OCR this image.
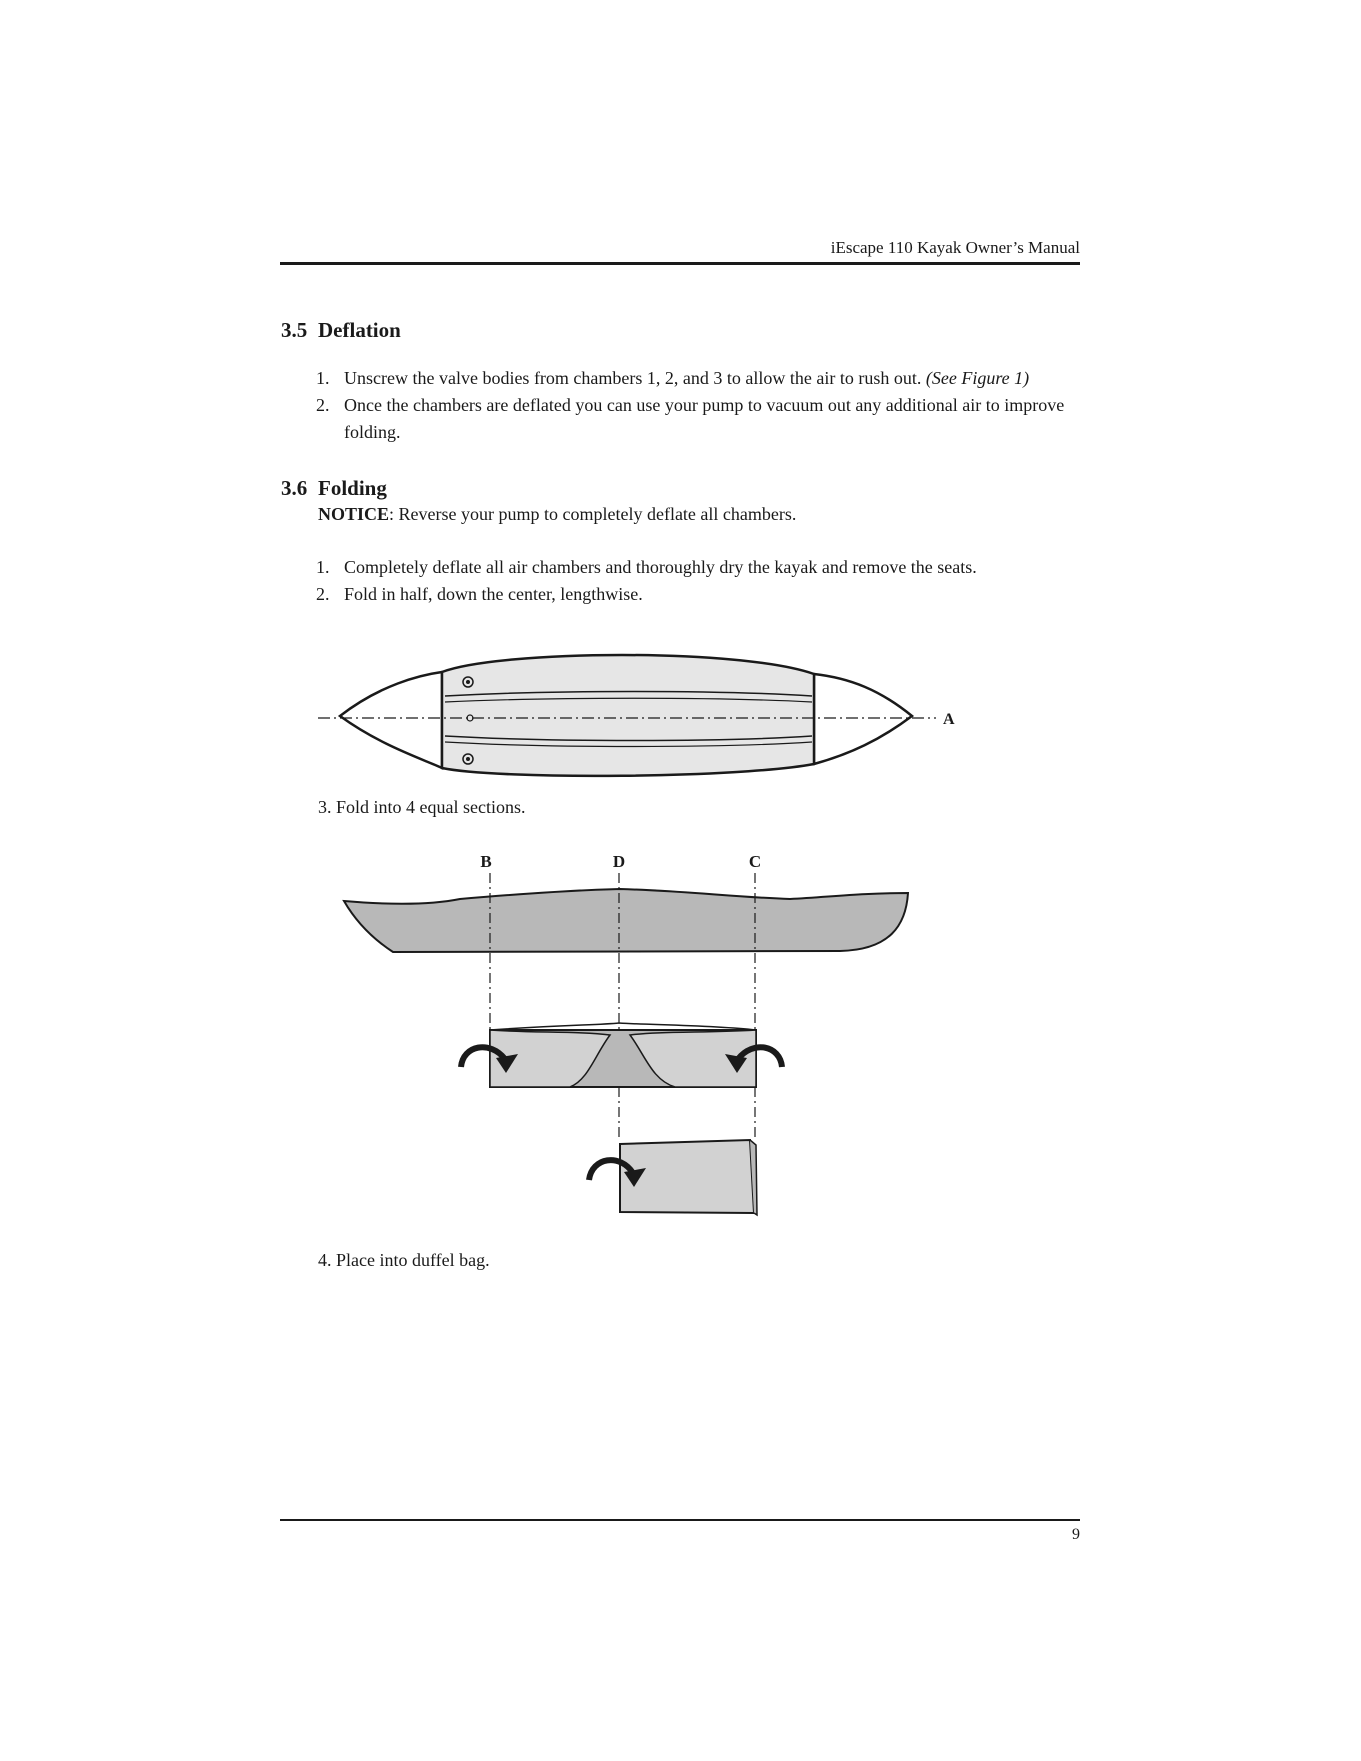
iEscape 110 Kayak Owner’s Manual
3.5 Deflation
1. Unscrew the valve bodies from chambers 1, 2, and 3 to allow the air to rush out. (See Figure 1)
2. Once the chambers are deflated you can use your pump to vacuum out any additional air to improve folding.
3.6 Folding
NOTICE: Reverse your pump to completely deflate all chambers.
1. Completely deflate all air chambers and thoroughly dry the kayak and remove the seats.
2. Fold in half, down the center, lengthwise.
A
3. Fold into 4 equal sections.
B	D	C
4. Place into duffel bag.
9
